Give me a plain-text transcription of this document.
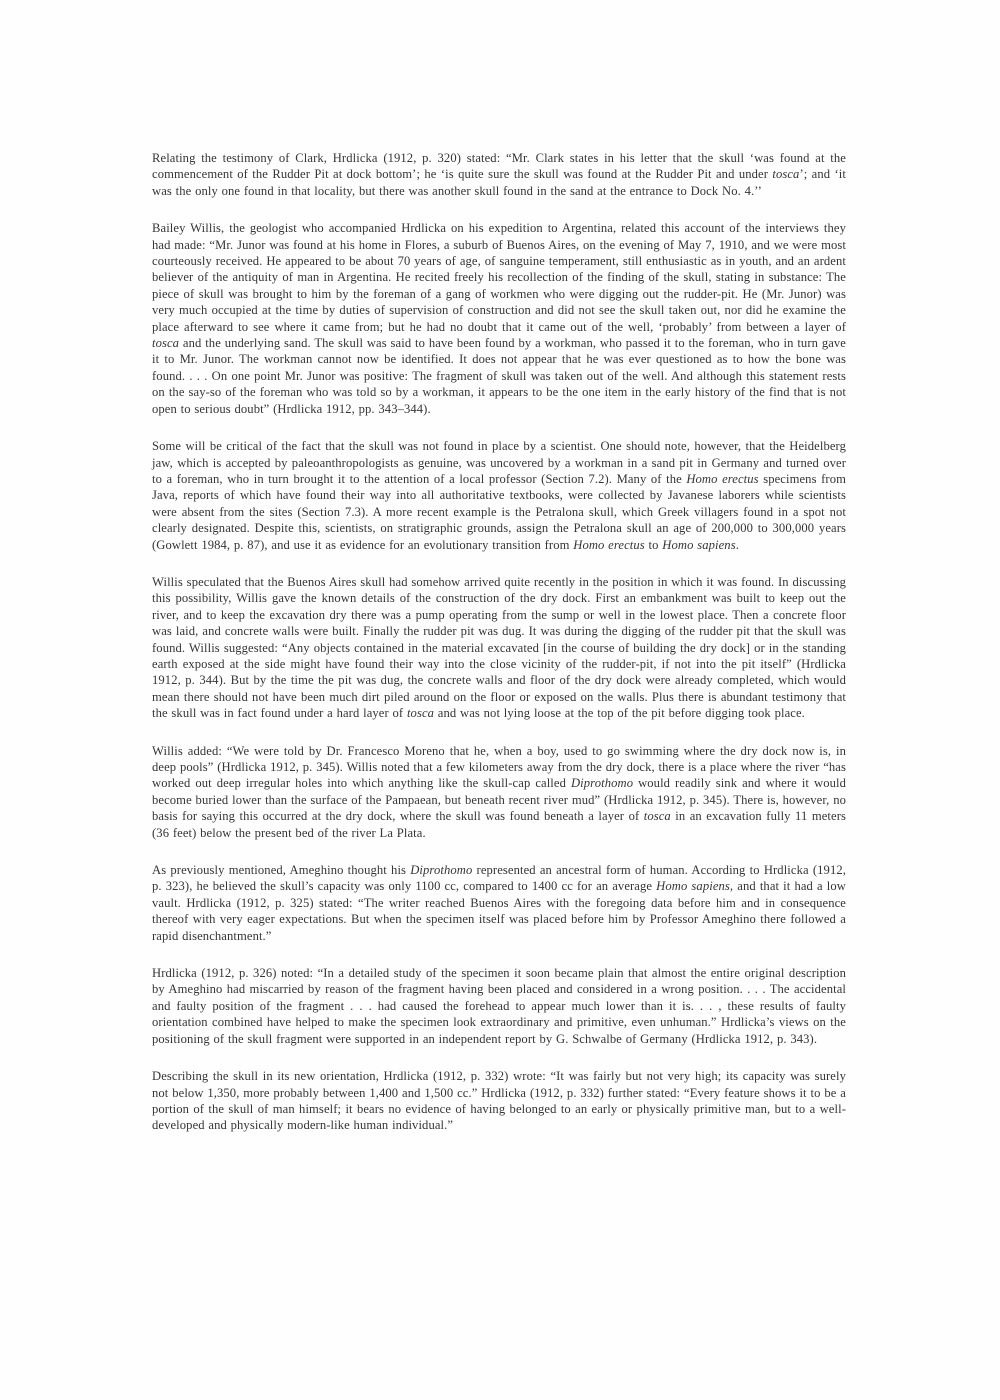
Relating the testimony of Clark, Hrdlicka (1912, p. 320) stated: “Mr. Clark states in his letter that the skull ‘was found at the commencement of the Rudder Pit at dock bottom’; he ‘is quite sure the skull was found at the Rudder Pit and under tosca’; and ‘it was the only one found in that locality, but there was another skull found in the sand at the entrance to Dock No. 4.’’

Bailey Willis, the geologist who accompanied Hrdlicka on his expedition to Argentina, related this account of the interviews they had made: “Mr. Junor was found at his home in Flores, a suburb of Buenos Aires, on the evening of May 7, 1910, and we were most courteously received. He appeared to be about 70 years of age, of sanguine temperament, still enthusiastic as in youth, and an ardent believer of the antiquity of man in Argentina. He recited freely his recollection of the finding of the skull, stating in substance: The piece of skull was brought to him by the foreman of a gang of workmen who were digging out the rudder-pit. He (Mr. Junor) was very much occupied at the time by duties of supervision of construction and did not see the skull taken out, nor did he examine the place afterward to see where it came from; but he had no doubt that it came out of the well, ‘probably’ from between a layer of tosca and the underlying sand. The skull was said to have been found by a workman, who passed it to the foreman, who in turn gave it to Mr. Junor. The workman cannot now be identified. It does not appear that he was ever questioned as to how the bone was found. . . . On one point Mr. Junor was positive: The fragment of skull was taken out of the well. And although this statement rests on the say-so of the foreman who was told so by a workman, it appears to be the one item in the early history of the find that is not open to serious doubt” (Hrdlicka 1912, pp. 343–344).

Some will be critical of the fact that the skull was not found in place by a scientist. One should note, however, that the Heidelberg jaw, which is accepted by paleoanthropologists as genuine, was uncovered by a workman in a sand pit in Germany and turned over to a foreman, who in turn brought it to the attention of a local professor (Section 7.2). Many of the Homo erectus specimens from Java, reports of which have found their way into all authoritative textbooks, were collected by Javanese laborers while scientists were absent from the sites (Section 7.3). A more recent example is the Petralona skull, which Greek villagers found in a spot not clearly designated. Despite this, scientists, on stratigraphic grounds, assign the Petralona skull an age of 200,000 to 300,000 years (Gowlett 1984, p. 87), and use it as evidence for an evolutionary transition from Homo erectus to Homo sapiens.

Willis speculated that the Buenos Aires skull had somehow arrived quite recently in the position in which it was found. In discussing this possibility, Willis gave the known details of the construction of the dry dock. First an embankment was built to keep out the river, and to keep the excavation dry there was a pump operating from the sump or well in the lowest place. Then a concrete floor was laid, and concrete walls were built. Finally the rudder pit was dug. It was during the digging of the rudder pit that the skull was found. Willis suggested: “Any objects contained in the material excavated [in the course of building the dry dock] or in the standing earth exposed at the side might have found their way into the close vicinity of the rudder-pit, if not into the pit itself” (Hrdlicka 1912, p. 344). But by the time the pit was dug, the concrete walls and floor of the dry dock were already completed, which would mean there should not have been much dirt piled around on the floor or exposed on the walls. Plus there is abundant testimony that the skull was in fact found under a hard layer of tosca and was not lying loose at the top of the pit before digging took place.

Willis added: “We were told by Dr. Francesco Moreno that he, when a boy, used to go swimming where the dry dock now is, in deep pools” (Hrdlicka 1912, p. 345). Willis noted that a few kilometers away from the dry dock, there is a place where the river “has worked out deep irregular holes into which anything like the skull-cap called Diprothomo would readily sink and where it would become buried lower than the surface of the Pampaean, but beneath recent river mud” (Hrdlicka 1912, p. 345). There is, however, no basis for saying this occurred at the dry dock, where the skull was found beneath a layer of tosca in an excavation fully 11 meters (36 feet) below the present bed of the river La Plata.

As previously mentioned, Ameghino thought his Diprothomo represented an ancestral form of human. According to Hrdlicka (1912, p. 323), he believed the skull’s capacity was only 1100 cc, compared to 1400 cc for an average Homo sapiens, and that it had a low vault. Hrdlicka (1912, p. 325) stated: “The writer reached Buenos Aires with the foregoing data before him and in consequence thereof with very eager expectations. But when the specimen itself was placed before him by Professor Ameghino there followed a rapid disenchantment.”

Hrdlicka (1912, p. 326) noted: “In a detailed study of the specimen it soon became plain that almost the entire original description by Ameghino had miscarried by reason of the fragment having been placed and considered in a wrong position. . . . The accidental and faulty position of the fragment . . . had caused the forehead to appear much lower than it is. . . , these results of faulty orientation combined have helped to make the specimen look extraordinary and primitive, even unhuman.” Hrdlicka’s views on the positioning of the skull fragment were supported in an independent report by G. Schwalbe of Germany (Hrdlicka 1912, p. 343).

Describing the skull in its new orientation, Hrdlicka (1912, p. 332) wrote: “It was fairly but not very high; its capacity was surely not below 1,350, more probably between 1,400 and 1,500 cc.” Hrdlicka (1912, p. 332) further stated: “Every feature shows it to be a portion of the skull of man himself; it bears no evidence of having belonged to an early or physically primitive man, but to a well-developed and physically modern-like human individual.”
